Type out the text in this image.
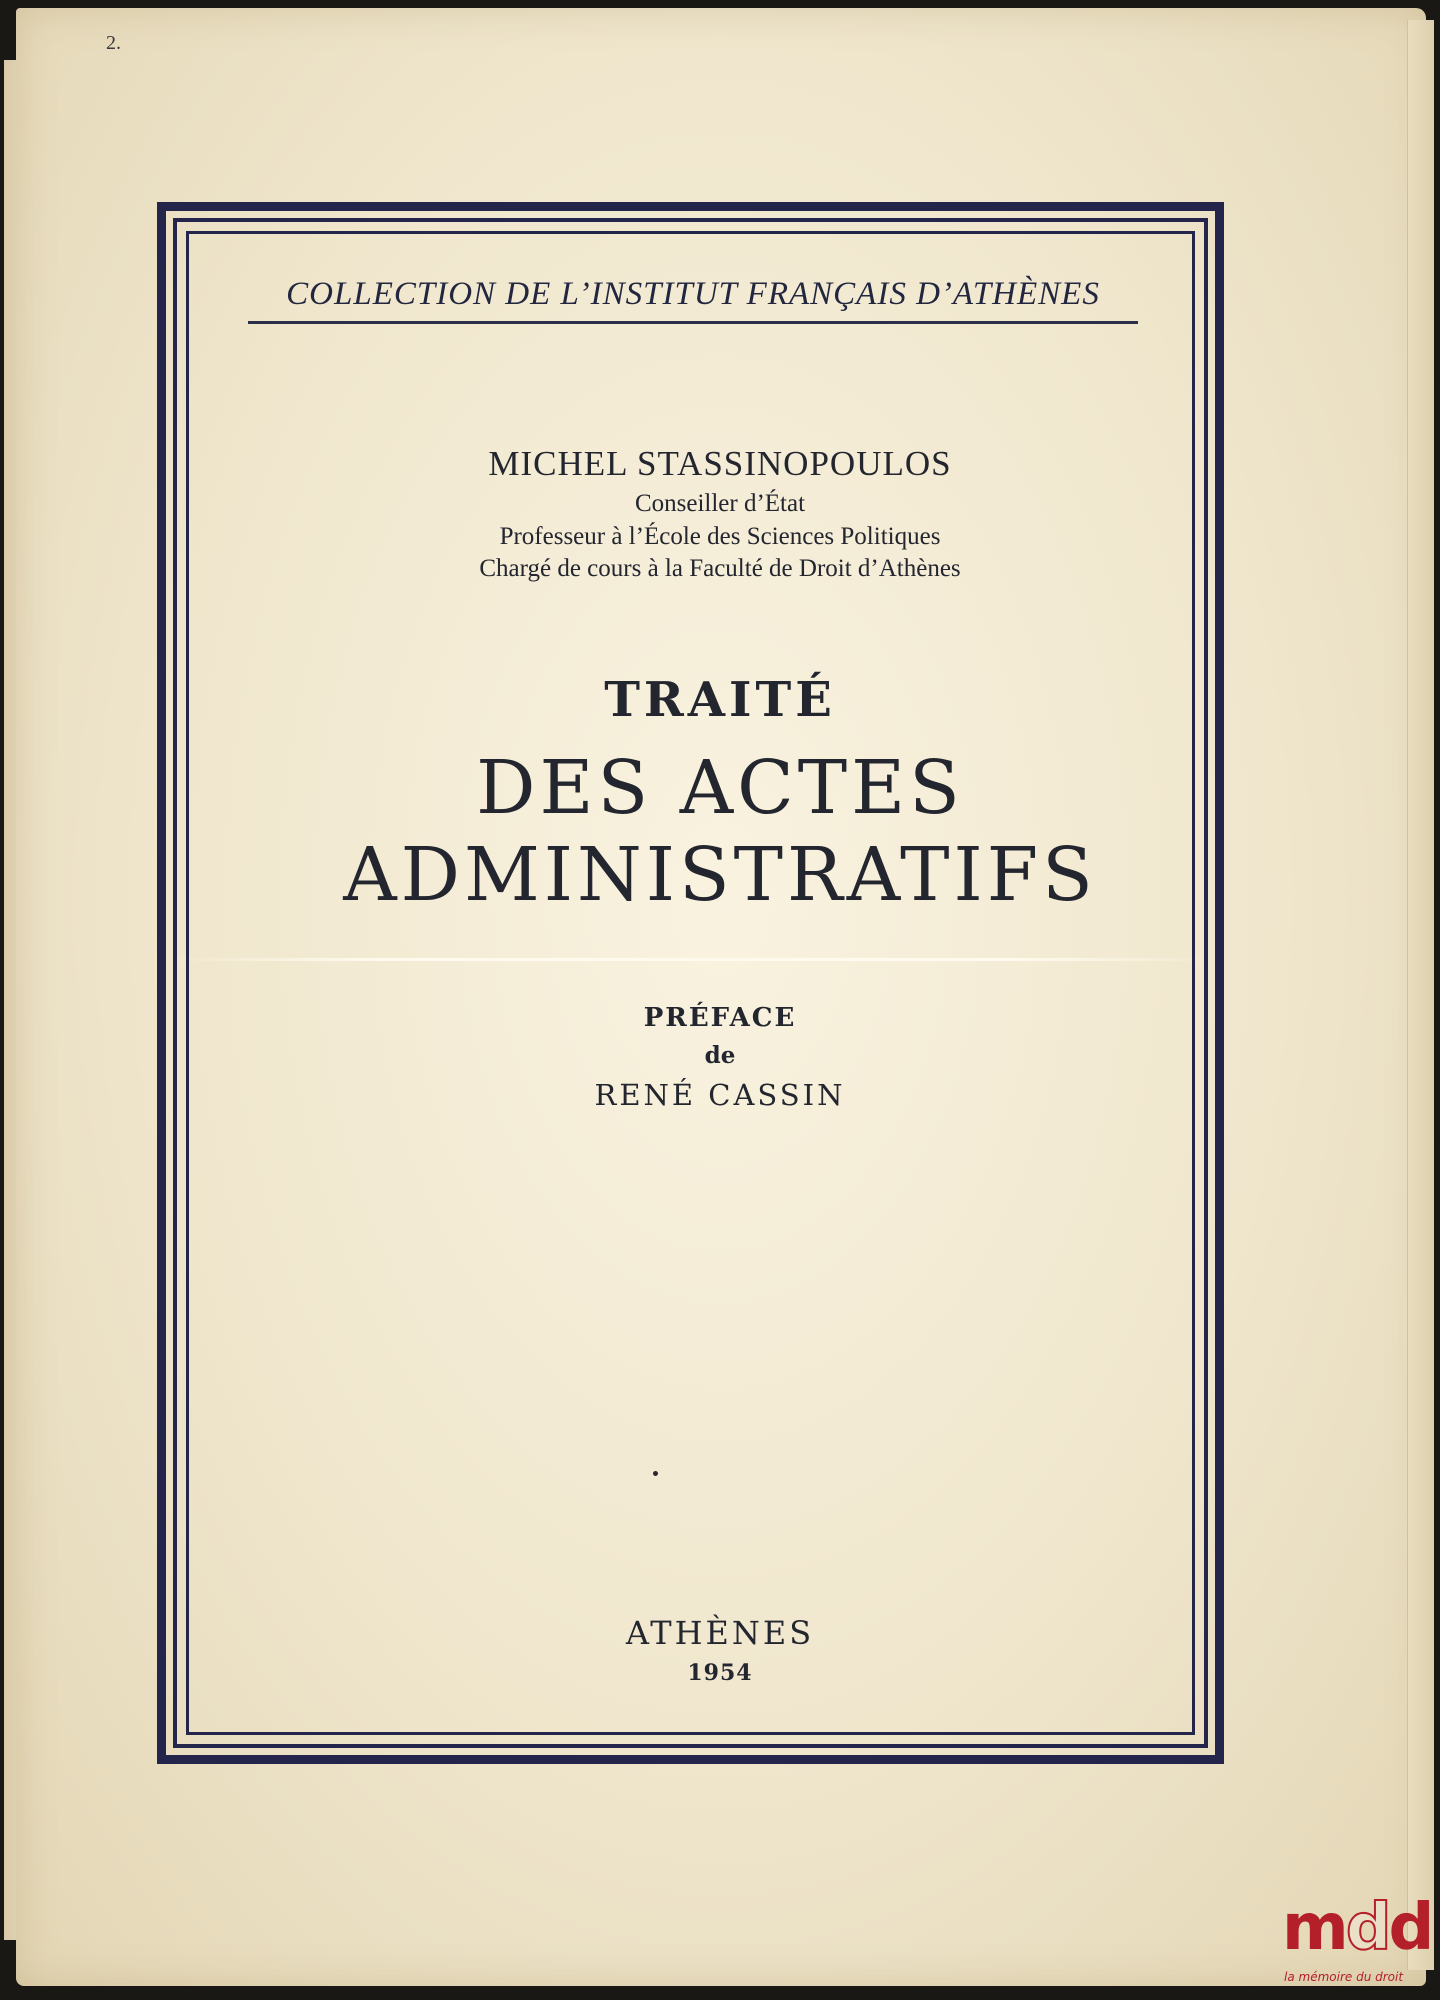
2.
COLLECTION DE L’INSTITUT FRANÇAIS D’ATHÈNES
MICHEL STASSINOPOULOS
Conseiller d’État
Professeur à l’École des Sciences Politiques
Chargé de cours à la Faculté de Droit d’Athènes
TRAITÉ
DES ACTES
ADMINISTRATIFS
PRÉFACE
de
RENÉ CASSIN
ATHÈNES
1954
mdd
la mémoire du droit
